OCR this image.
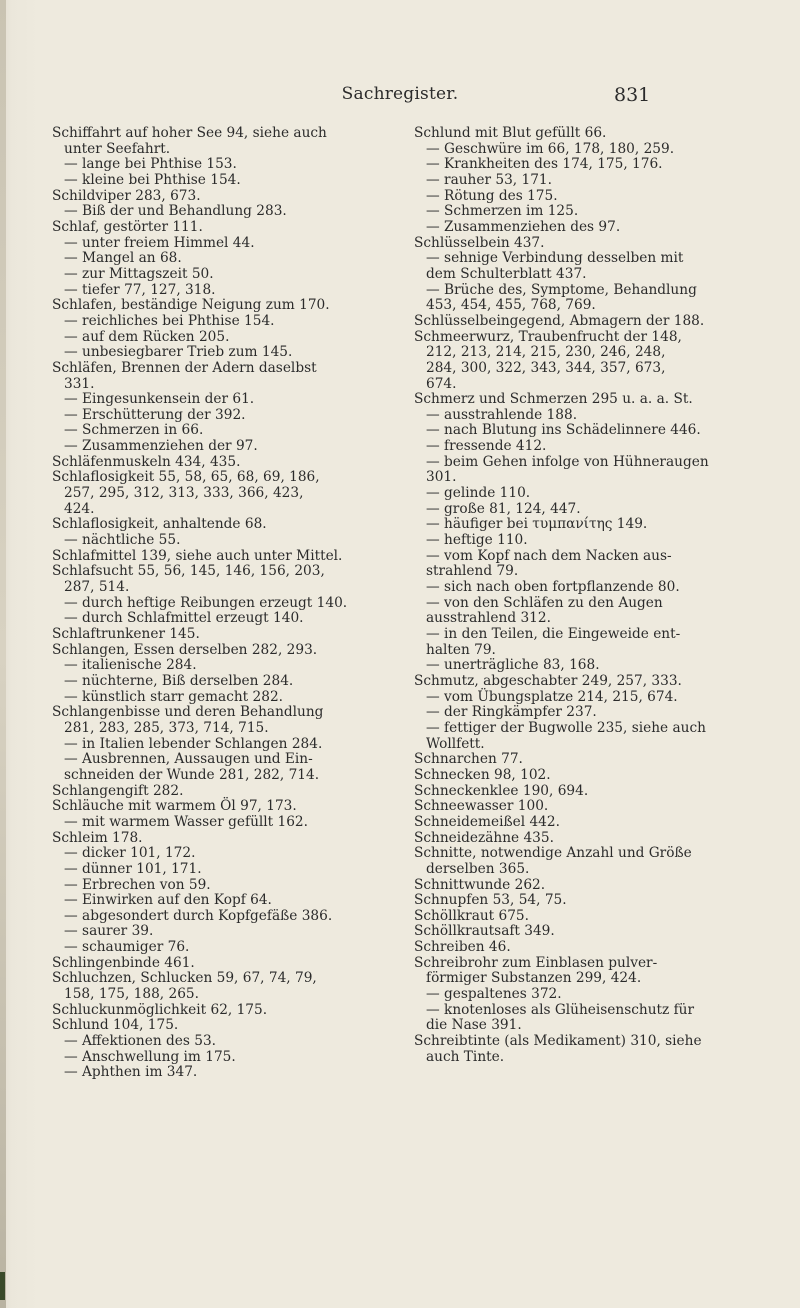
Sachregister.	831
Schiffahrt auf hoher See 94, siehe auch
unter Seefahrt.
— lange bei Phthise 153.
— kleine bei Phthise 154.
Schildviper 283, 673.
— Biß der und Behandlung 283.
Schlaf, gestörter 111.
— unter freiem Himmel 44.
— Mangel an 68.
— zur Mittagszeit 50.
— tiefer 77, 127, 318.
Schlafen, beständige Neigung zum 170.
— reichliches bei Phthise 154.
— auf dem Rücken 205.
— unbesiegbarer Trieb zum 145.
Schläfen, Brennen der Adern daselbst
331.
— Eingesunkensein der 61.
— Erschütterung der 392.
— Schmerzen in 66.
— Zusammenziehen der 97.
Schläfenmuskeln 434, 435.
Schlaflosigkeit 55, 58, 65, 68, 69, 186,
257, 295, 312, 313, 333, 366, 423,
424.
Schlaflosigkeit, anhaltende 68.
— nächtliche 55.
Schlafmittel 139, siehe auch unter Mittel.
Schlafsucht 55, 56, 145, 146, 156, 203,
287, 514.
— durch heftige Reibungen erzeugt 140.
— durch Schlafmittel erzeugt 140.
Schlaftrunkener 145.
Schlangen, Essen derselben 282, 293.
— italienische 284.
— nüchterne, Biß derselben 284.
— künstlich starr gemacht 282.
Schlangenbisse und deren Behandlung
281, 283, 285, 373, 714, 715.
— in Italien lebender Schlangen 284.
— Ausbrennen, Aussaugen und Ein-
schneiden der Wunde 281, 282, 714.
Schlangengift 282.
Schläuche mit warmem Öl 97, 173.
— mit warmem Wasser gefüllt 162.
Schleim 178.
— dicker 101, 172.
— dünner 101, 171.
— Erbrechen von 59.
— Einwirken auf den Kopf 64.
— abgesondert durch Kopfgefäße 386.
— saurer 39.
— schaumiger 76.
Schlingenbinde 461.
Schluchzen, Schlucken 59, 67, 74, 79,
158, 175, 188, 265.
Schluckunmöglichkeit 62, 175.
Schlund 104, 175.
— Affektionen des 53.
— Anschwellung im 175.
— Aphthen im 347.
Schlund mit Blut gefüllt 66.
— Geschwüre im 66, 178, 180, 259.
— Krankheiten des 174, 175, 176.
— rauher 53, 171.
— Rötung des 175.
— Schmerzen im 125.
— Zusammenziehen des 97.
Schlüsselbein 437.
— sehnige Verbindung desselben mit
dem Schulterblatt 437.
— Brüche des, Symptome, Behandlung
453, 454, 455, 768, 769.
Schlüsselbeingegend, Abmagern der 188.
Schmeerwurz, Traubenfrucht der 148,
212, 213, 214, 215, 230, 246, 248,
284, 300, 322, 343, 344, 357, 673,
674.
Schmerz und Schmerzen 295 u. a. a. St.
— ausstrahlende 188.
— nach Blutung ins Schädelinnere 446.
— fressende 412.
— beim Gehen infolge von Hühneraugen
301.
— gelinde 110.
— große 81, 124, 447.
— häufiger bei τυμπανίτης 149.
— heftige 110.
— vom Kopf nach dem Nacken aus-
strahlend 79.
— sich nach oben fortpflanzende 80.
— von den Schläfen zu den Augen
ausstrahlend 312.
— in den Teilen, die Eingeweide ent-
halten 79.
— unerträgliche 83, 168.
Schmutz, abgeschabter 249, 257, 333.
— vom Übungsplatze 214, 215, 674.
— der Ringkämpfer 237.
— fettiger der Bugwolle 235, siehe auch
Wollfett.
Schnarchen 77.
Schnecken 98, 102.
Schneckenklee 190, 694.
Schneewasser 100.
Schneidemeißel 442.
Schneidezähne 435.
Schnitte, notwendige Anzahl und Größe
derselben 365.
Schnittwunde 262.
Schnupfen 53, 54, 75.
Schöllkraut 675.
Schöllkrautsaft 349.
Schreiben 46.
Schreibrohr zum Einblasen pulver-
förmiger Substanzen 299, 424.
— gespaltenes 372.
— knotenloses als Glüheisenschutz für
die Nase 391.
Schreibtinte (als Medikament) 310, siehe
auch Tinte.
